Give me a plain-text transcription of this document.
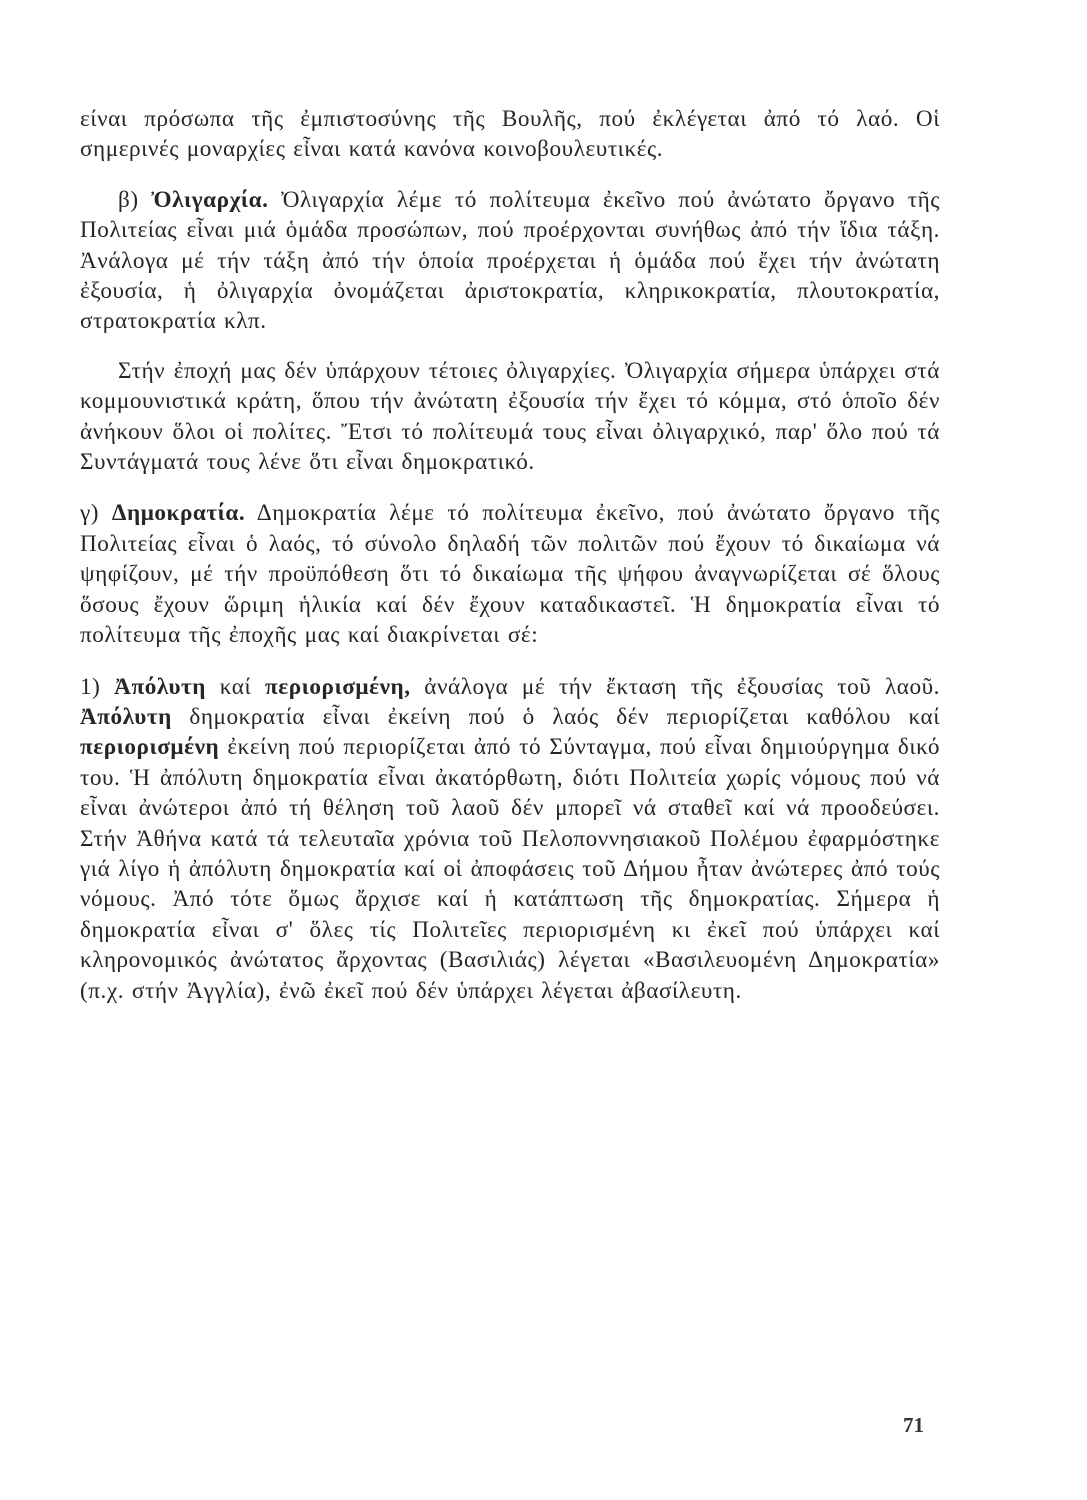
είναι πρόσωπα τῆς ἐμπιστοσύνης τῆς Βουλῆς, πού ἐκλέγεται ἀπό τό λαό. Οἱ σημερινές μοναρχίες εἶναι κατά κανόνα κοινοβουλευτικές.

β) Ὀλιγαρχία. Ὀλιγαρχία λέμε τό πολίτευμα ἐκεῖνο πού ἀνώτατο ὄργανο τῆς Πολιτείας εἶναι μιά ὁμάδα προσώπων, πού προέρχονται συνήθως ἀπό τήν ἴδια τάξη. Ἀνάλογα μέ τήν τάξη ἀπό τήν ὁποία προέρχεται ἡ ὁμάδα πού ἔχει τήν ἀνώτατη ἐξουσία, ἡ ὀλιγαρχία ὀνομάζεται ἀριστοκρατία, κληρικοκρατία, πλουτοκρατία, στρατοκρατία κλπ.

Στήν ἐποχή μας δέν ὑπάρχουν τέτοιες ὀλιγαρχίες. Ὀλιγαρχία σήμερα ὑπάρχει στά κομμουνιστικά κράτη, ὅπου τήν ἀνώτατη ἐξουσία τήν ἔχει τό κόμμα, στό ὁποῖο δέν ἀνήκουν ὅλοι οἱ πολίτες. Ἔτσι τό πολίτευμά τους εἶναι ὀλιγαρχικό, παρ' ὅλο πού τά Συντάγματά τους λένε ὅτι εἶναι δημοκρατικό.

γ) Δημοκρατία. Δημοκρατία λέμε τό πολίτευμα ἐκεῖνο, πού ἀνώτατο ὄργανο τῆς Πολιτείας εἶναι ὁ λαός, τό σύνολο δηλαδή τῶν πολιτῶν πού ἔχουν τό δικαίωμα νά ψηφίζουν, μέ τήν προϋπόθεση ὅτι τό δικαίωμα τῆς ψήφου ἀναγνωρίζεται σέ ὅλους ὅσους ἔχουν ὥριμη ἡλικία καί δέν ἔχουν καταδικαστεῖ. Ἡ δημοκρατία εἶναι τό πολίτευμα τῆς ἐποχῆς μας καί διακρίνεται σέ:

1) Ἀπόλυτη καί περιορισμένη, ἀνάλογα μέ τήν ἔκταση τῆς ἐξουσίας τοῦ λαοῦ. Ἀπόλυτη δημοκρατία εἶναι ἐκείνη πού ὁ λαός δέν περιορίζεται καθόλου καί περιορισμένη ἐκείνη πού περιορίζεται ἀπό τό Σύνταγμα, πού εἶναι δημιούργημα δικό του. Ἡ ἀπόλυτη δημοκρατία εἶναι ἀκατόρθωτη, διότι Πολιτεία χωρίς νόμους πού νά εἶναι ἀνώτεροι ἀπό τή θέληση τοῦ λαοῦ δέν μπορεῖ νά σταθεῖ καί νά προοδεύσει. Στήν Ἀθήνα κατά τά τελευταῖα χρόνια τοῦ Πελοποννησιακοῦ Πολέμου ἐφαρμόστηκε γιά λίγο ἡ ἀπόλυτη δημοκρατία καί οἱ ἀποφάσεις τοῦ Δήμου ἦταν ἀνώτερες ἀπό τούς νόμους. Ἀπό τότε ὅμως ἄρχισε καί ἡ κατάπτωση τῆς δημοκρατίας. Σήμερα ἡ δημοκρατία εἶναι σ' ὅλες τίς Πολιτεῖες περιορισμένη κι ἐκεῖ πού ὑπάρχει καί κληρονομικός ἀνώτατος ἄρχοντας (Βασιλιάς) λέγεται «Βασιλευομένη Δημοκρατία» (π.χ. στήν Ἀγγλία), ἐνῶ ἐκεῖ πού δέν ὑπάρχει λέγεται ἀβασίλευτη.

71
